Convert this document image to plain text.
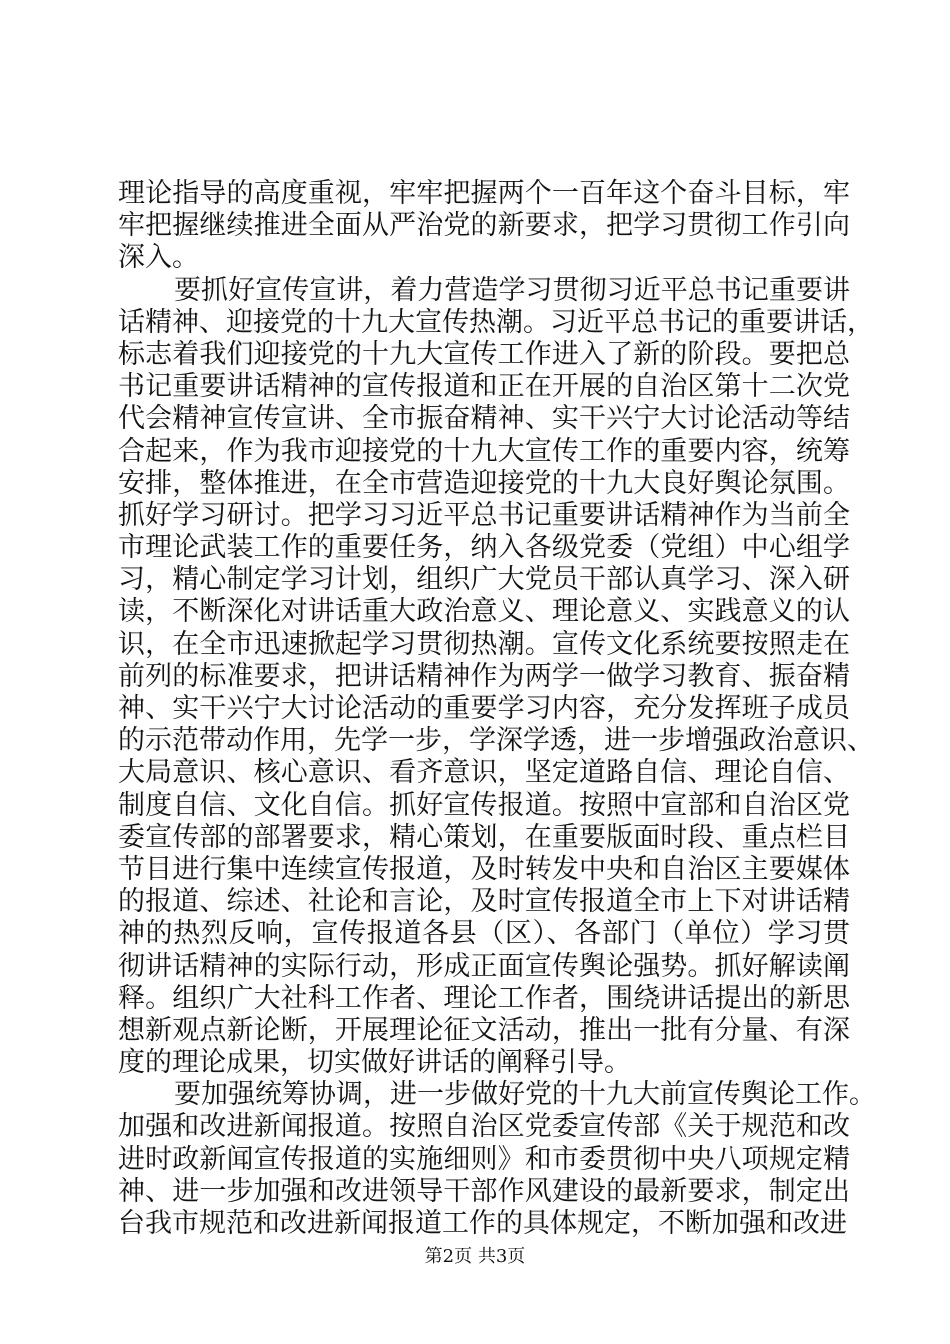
理论指导的高度重视，牢牢把握两个一百年这个奋斗目标，牢
牢把握继续推进全面从严治党的新要求，把学习贯彻工作引向
深入。
要抓好宣传宣讲，着力营造学习贯彻习近平总书记重要讲
话精神、迎接党的十九大宣传热潮。习近平总书记的重要讲话，
标志着我们迎接党的十九大宣传工作进入了新的阶段。要把总
书记重要讲话精神的宣传报道和正在开展的自治区第十二次党
代会精神宣传宣讲、全市振奋精神、实干兴宁大讨论活动等结
合起来，作为我市迎接党的十九大宣传工作的重要内容，统筹
安排，整体推进，在全市营造迎接党的十九大良好舆论氛围。
抓好学习研讨。把学习习近平总书记重要讲话精神作为当前全
市理论武装工作的重要任务，纳入各级党委（党组）中心组学
习，精心制定学习计划，组织广大党员干部认真学习、深入研
读，不断深化对讲话重大政治意义、理论意义、实践意义的认
识，在全市迅速掀起学习贯彻热潮。宣传文化系统要按照走在
前列的标准要求，把讲话精神作为两学一做学习教育、振奋精
神、实干兴宁大讨论活动的重要学习内容，充分发挥班子成员
的示范带动作用，先学一步，学深学透，进一步增强政治意识、
大局意识、核心意识、看齐意识，坚定道路自信、理论自信、
制度自信、文化自信。抓好宣传报道。按照中宣部和自治区党
委宣传部的部署要求，精心策划，在重要版面时段、重点栏目
节目进行集中连续宣传报道，及时转发中央和自治区主要媒体
的报道、综述、社论和言论，及时宣传报道全市上下对讲话精
神的热烈反响，宣传报道各县（区）、各部门（单位）学习贯
彻讲话精神的实际行动，形成正面宣传舆论强势。抓好解读阐
释。组织广大社科工作者、理论工作者，围绕讲话提出的新思
想新观点新论断，开展理论征文活动，推出一批有分量、有深
度的理论成果，切实做好讲话的阐释引导。
要加强统筹协调，进一步做好党的十九大前宣传舆论工作。
加强和改进新闻报道。按照自治区党委宣传部《关于规范和改
进时政新闻宣传报道的实施细则》和市委贯彻中央八项规定精
神、进一步加强和改进领导干部作风建设的最新要求，制定出
台我市规范和改进新闻报道工作的具体规定，不断加强和改进
第2页 共3页
